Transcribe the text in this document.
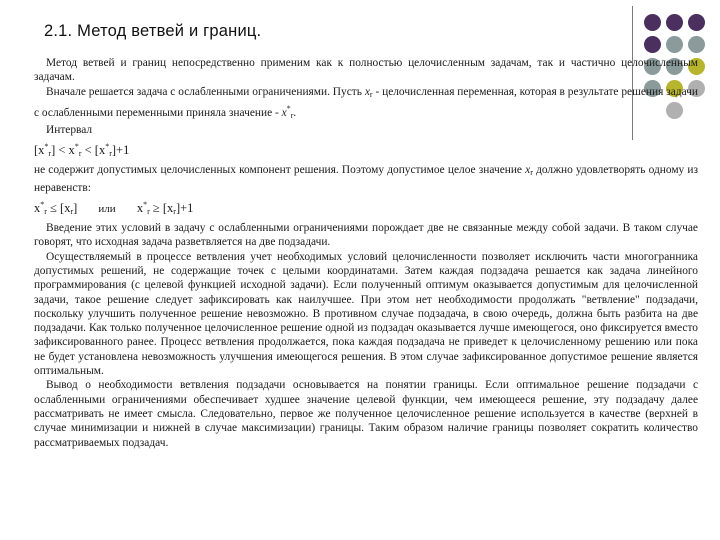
2.1. Метод ветвей и границ.

Метод ветвей и границ непосредственно применим как к полностью целочисленным задачам, так и частично целочисленным задачам.

Вначале решается задача с ослабленными ограничениями. Пусть $x_r$ - целочисленная переменная, которая в результате решения задачи с ослабленными переменными приняла значение - $x^*_r$.

Интервал

$[x^*_r] < x^*_r < [x^*_r]+1$

не содержит допустимых целочисленных компонент решения. Поэтому допустимое целое значение $x_r$ должно удовлетворять одному из неравенств:

$x^*_r \le [x_r]$ или $x^*_r \ge [x_r]+1$

Введение этих условий в задачу с ослабленными ограничениями порождает две не связанные между собой задачи. В таком случае говорят, что исходная задача разветвляется на две подзадачи.

Осуществляемый в процессе ветвления учет необходимых условий целочисленности позволяет исключить части многогранника допустимых решений, не содержащие точек с целыми координатами. Затем каждая подзадача решается как задача линейного программирования (с целевой функцией исходной задачи). Если полученный оптимум оказывается допустимым для целочисленной задачи, такое решение следует зафиксировать как наилучшее. При этом нет необходимости продолжать "ветвление" подзадачи, поскольку улучшить полученное решение невозможно. В противном случае подзадача, в свою очередь, должна быть разбита на две подзадачи. Как только полученное целочисленное решение одной из подзадач оказывается лучше имеющегося, оно фиксируется вместо зафиксированного ранее. Процесс ветвления продолжается, пока каждая подзадача не приведет к целочисленному решению или пока не будет установлена невозможность улучшения имеющегося решения. В этом случае зафиксированное допустимое решение является оптимальным.

Вывод о необходимости ветвления подзадачи основывается на понятии границы. Если оптимальное решение подзадачи с ослабленными ограничениями обеспечивает худшее значение целевой функции, чем имеющееся решение, эту подзадачу далее рассматривать не имеет смысла. Следовательно, первое же полученное целочисленное решение используется в качестве (верхней в случае минимизации и нижней в случае максимизации) границы. Таким образом наличие границы позволяет сократить количество рассматриваемых подзадач.
